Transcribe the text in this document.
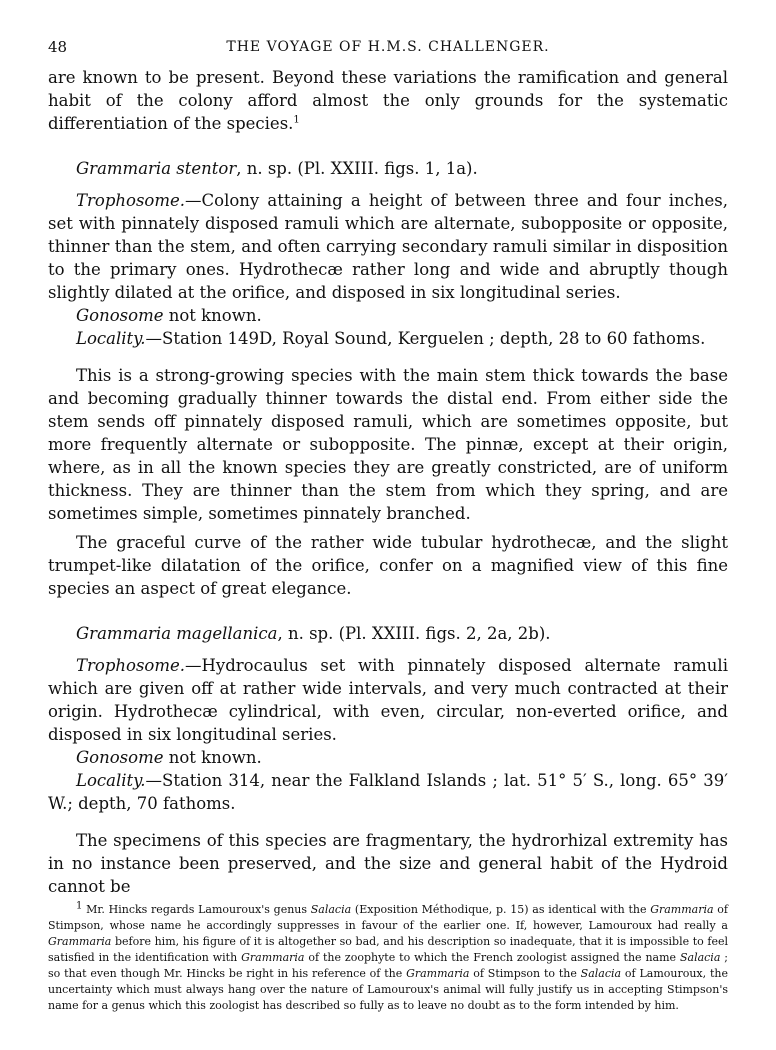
48	THE VOYAGE OF H.M.S. CHALLENGER.

are known to be present. Beyond these variations the ramification and general habit of the colony afford almost the only grounds for the systematic differentiation of the species.$^1$

Grammaria stentor, n. sp. (Pl. XXIII. figs. 1, 1a).

Trophosome.—Colony attaining a height of between three and four inches, set with pinnately disposed ramuli which are alternate, subopposite or opposite, thinner than the stem, and often carrying secondary ramuli similar in disposition to the primary ones. Hydrothecæ rather long and wide and abruptly though slightly dilated at the orifice, and disposed in six longitudinal series.

Gonosome not known.

Locality.—Station 149D, Royal Sound, Kerguelen ; depth, 28 to 60 fathoms.

This is a strong-growing species with the main stem thick towards the base and becoming gradually thinner towards the distal end. From either side the stem sends off pinnately disposed ramuli, which are sometimes opposite, but more frequently alternate or subopposite. The pinnæ, except at their origin, where, as in all the known species they are greatly constricted, are of uniform thickness. They are thinner than the stem from which they spring, and are sometimes simple, sometimes pinnately branched.

The graceful curve of the rather wide tubular hydrothecæ, and the slight trumpet-like dilatation of the orifice, confer on a magnified view of this fine species an aspect of great elegance.

Grammaria magellanica, n. sp. (Pl. XXIII. figs. 2, 2a, 2b).

Trophosome.—Hydrocaulus set with pinnately disposed alternate ramuli which are given off at rather wide intervals, and very much contracted at their origin. Hydrothecæ cylindrical, with even, circular, non-everted orifice, and disposed in six longitudinal series.

Gonosome not known.

Locality.—Station 314, near the Falkland Islands ; lat. 51° 5′ S., long. 65° 39′ W.; depth, 70 fathoms.

The specimens of this species are fragmentary, the hydrorhizal extremity has in no instance been preserved, and the size and general habit of the Hydroid cannot be

$^1$ Mr. Hincks regards Lamouroux's genus Salacia (Exposition Méthodique, p. 15) as identical with the Grammaria of Stimpson, whose name he accordingly suppresses in favour of the earlier one. If, however, Lamouroux had really a Grammaria before him, his figure of it is altogether so bad, and his description so inadequate, that it is impossible to feel satisfied in the identification with Grammaria of the zoophyte to which the French zoologist assigned the name Salacia ; so that even though Mr. Hincks be right in his reference of the Grammaria of Stimpson to the Salacia of Lamouroux, the uncertainty which must always hang over the nature of Lamouroux's animal will fully justify us in accepting Stimpson's name for a genus which this zoologist has described so fully as to leave no doubt as to the form intended by him.
